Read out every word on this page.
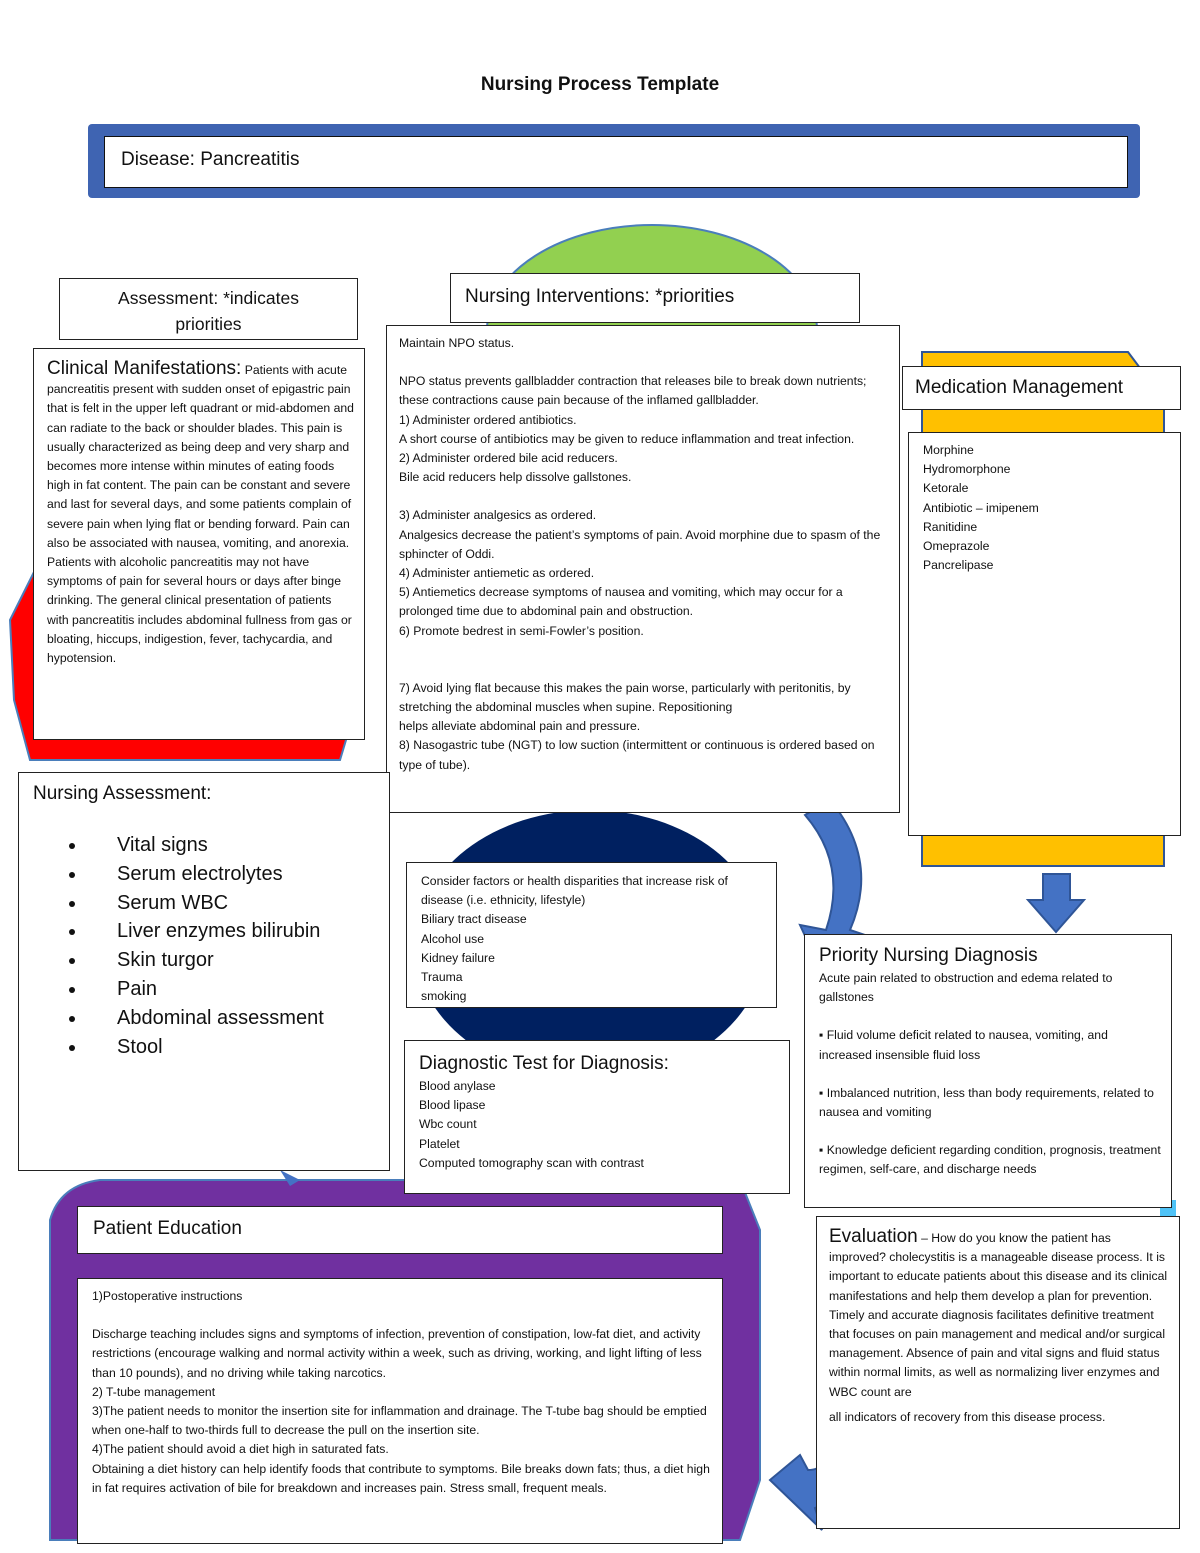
Nursing Process Template
Disease: Pancreatitis
Assessment: *indicates
priorities
Clinical Manifestations: Patients with acute pancreatitis present with sudden onset of epigastric pain that is felt in the upper left quadrant or mid-abdomen and can radiate to the back or shoulder blades. This pain is usually characterized as being deep and very sharp and becomes more intense within minutes of eating foods high in fat content. The pain can be constant and severe and last for several days, and some patients complain of severe pain when lying flat or bending forward. Pain can also be associated with nausea, vomiting, and anorexia. Patients with alcoholic pancreatitis may not have symptoms of pain for several hours or days after binge drinking. The general clinical presentation of patients with pancreatitis includes abdominal fullness from gas or bloating, hiccups, indigestion, fever, tachycardia, and hypotension.
Nursing Interventions: *priorities
Maintain NPO status.
NPO status prevents gallbladder contraction that releases bile to break down nutrients; these contractions cause pain because of the inflamed gallbladder.
1) Administer ordered antibiotics.
A short course of antibiotics may be given to reduce inflammation and treat infection.
2) Administer ordered bile acid reducers.
Bile acid reducers help dissolve gallstones.
3) Administer analgesics as ordered.
Analgesics decrease the patient’s symptoms of pain. Avoid morphine due to spasm of the sphincter of Oddi.
4) Administer antiemetic as ordered.
5) Antiemetics decrease symptoms of nausea and vomiting, which may occur for a prolonged time due to abdominal pain and obstruction.
6) Promote bedrest in semi-Fowler’s position.
7) Avoid lying flat because this makes the pain worse, particularly with peritonitis, by stretching the abdominal muscles when supine. Repositioning
helps alleviate abdominal pain and pressure.
8) Nasogastric tube (NGT) to low suction (intermittent or continuous is ordered based on type of tube).
Medication Management
Morphine
Hydromorphone
Ketorale
Antibiotic – imipenem
Ranitidine
Omeprazole
Pancrelipase
Nursing Assessment:
• Vital signs
• Serum electrolytes
• Serum WBC
• Liver enzymes bilirubin
• Skin turgor
• Pain
• Abdominal assessment
• Stool
Consider factors or health disparities that increase risk of disease (i.e. ethnicity, lifestyle)
Biliary tract disease
Alcohol use
Kidney failure
Trauma
smoking
Diagnostic Test for Diagnosis:
Blood anylase
Blood lipase
Wbc count
Platelet
Computed tomography scan with contrast
Priority Nursing Diagnosis
Acute pain related to obstruction and edema related to gallstones
▪ Fluid volume deficit related to nausea, vomiting, and increased insensible fluid loss
▪ Imbalanced nutrition, less than body requirements, related to nausea and vomiting
▪ Knowledge deficient regarding condition, prognosis, treatment regimen, self-care, and discharge needs
Evaluation – How do you know the patient has improved? cholecystitis is a manageable disease process. It is important to educate patients about this disease and its clinical manifestations and help them develop a plan for prevention. Timely and accurate diagnosis facilitates definitive treatment that focuses on pain management and medical and/or surgical management. Absence of pain and vital signs and fluid status within normal limits, as well as normalizing liver enzymes and WBC count are
all indicators of recovery from this disease process.
Patient Education
1)Postoperative instructions
Discharge teaching includes signs and symptoms of infection, prevention of constipation, low-fat diet, and activity restrictions (encourage walking and normal activity within a week, such as driving, working, and light lifting of less than 10 pounds), and no driving while taking narcotics.
2) T-tube management
3)The patient needs to monitor the insertion site for inflammation and drainage. The T-tube bag should be emptied when one-half to two-thirds full to decrease the pull on the insertion site.
4)The patient should avoid a diet high in saturated fats.
Obtaining a diet history can help identify foods that contribute to symptoms. Bile breaks down fats; thus, a diet high in fat requires activation of bile for breakdown and increases pain. Stress small, frequent meals.
